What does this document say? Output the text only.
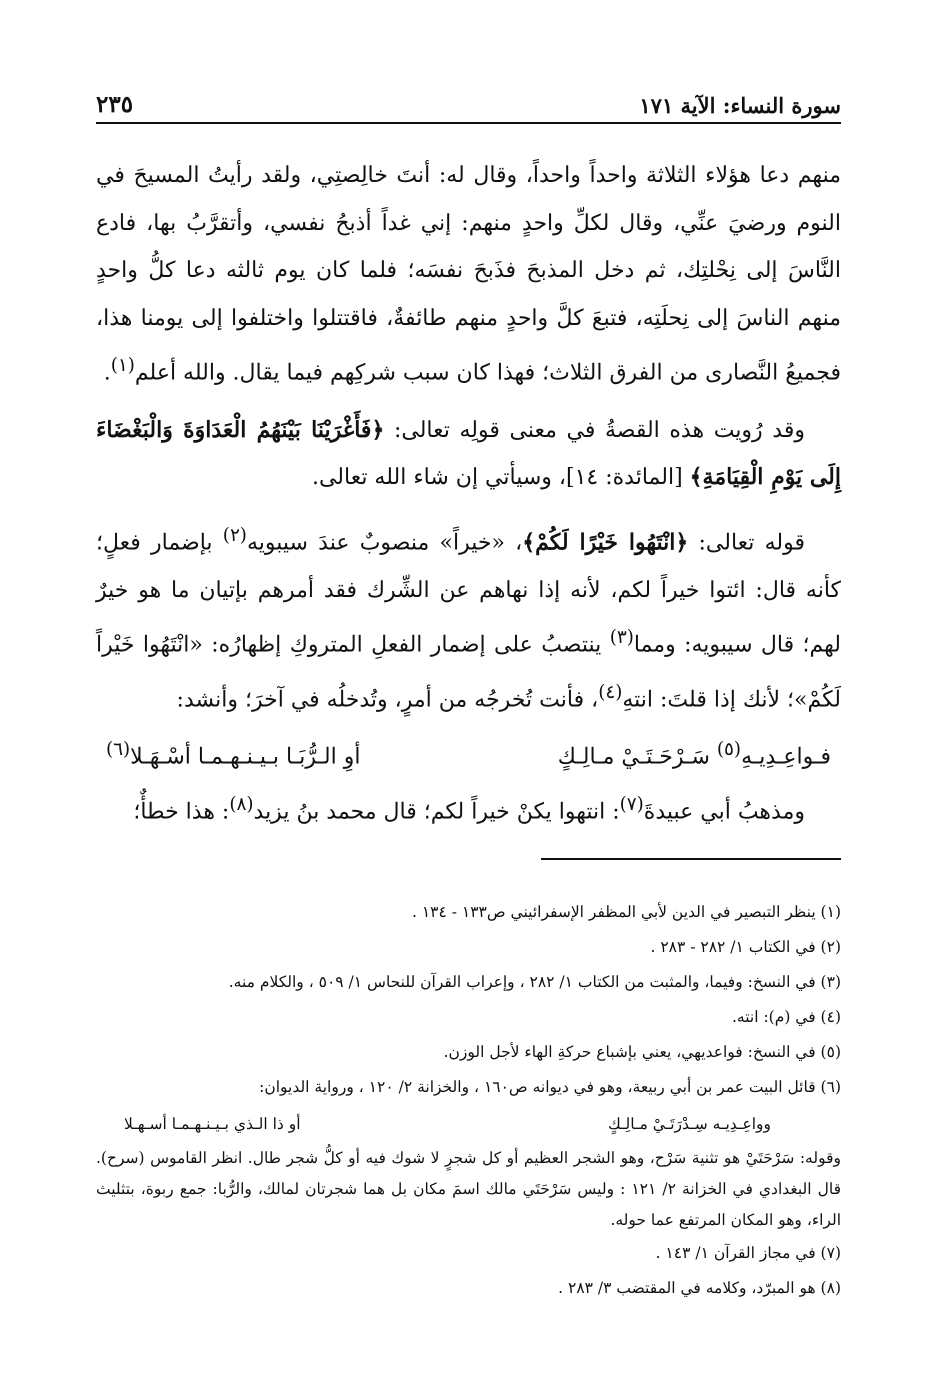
سورة النساء: الآية ١٧١
٢٣٥

منهم دعا هؤلاء الثلاثة واحداً واحداً، وقال له: أنتَ خالِصتِي، ولقد رأيتُ المسيحَ في النوم ورضيَ عنِّي، وقال لكلِّ واحدٍ منهم: إني غداً أذبحُ نفسي، وأتقرَّبُ بها، فادع النَّاسَ إلى نِحْلتِك، ثم دخل المذبحَ فذَبحَ نفسَه؛ فلما كان يوم ثالثه دعا كلُّ واحدٍ منهم الناسَ إلى نِحلَتِه، فتبعَ كلَّ واحدٍ منهم طائفةٌ، فاقتتلوا واختلفوا إلى يومنا هذا، فجميعُ النَّصارى من الفرق الثلاث؛ فهذا كان سبب شركِهم فيما يقال. والله أعلم$^{(١)}$.

وقد رُويت هذه القصةُ في معنى قولِه تعالى: ﴿فَأَغْرَيْنَا بَيْنَهُمُ الْعَدَاوَةَ وَالْبَغْضَاءَ إِلَى يَوْمِ الْقِيَامَةِ﴾ [المائدة: ١٤]، وسيأتي إن شاء الله تعالى.

قوله تعالى: ﴿انْتَهُوا خَيْرًا لَكُمْ﴾، «خيراً» منصوبٌ عندَ سيبويه$^{(٢)}$ بإضمار فعلٍ؛ كأنه قال: ائتوا خيراً لكم، لأنه إذا نهاهم عن الشِّرك فقد أمرهم بإتيان ما هو خيرٌ لهم؛ قال سيبويه: ومما$^{(٣)}$ ينتصبُ على إضمار الفعلِ المتروكِ إظهارُه: «انْتَهُوا خَيْراً لَكُمْ»؛ لأنك إذا قلتَ: انتهِ$^{(٤)}$، فأنت تُخرجُه من أمرٍ، وتُدخلُه في آخرَ؛ وأنشد:

فـواعِـدِيـهِ$^{(٥)}$ سَـرْحَـتَـيْ مـالِـكٍ
أوِ الـرُّبَـا بـيـنـهـمـا أسْـهَـلا$^{(٦)}$

ومذهبُ أبي عبيدةَ$^{(٧)}$: انتهوا يكنْ خيراً لكم؛ قال محمد بنُ يزيد$^{(٨)}$: هذا خطأٌ؛

(١) ينظر التبصير في الدين لأبي المظفر الإسفرائيني ص١٣٣ - ١٣٤ .

(٢) في الكتاب ١/ ٢٨٢ - ٢٨٣ .

(٣) في النسخ: وفيما، والمثبت من الكتاب ١/ ٢٨٢ ، وإعراب القرآن للنحاس ١/ ٥٠٩ ، والكلام منه.

(٤) في (م): انته.

(٥) في النسخ: فواعديهي، يعني بإشباع حركةِ الهاء لأجل الوزن.

(٦) قائل البيت عمر بن أبي ربيعة، وهو في ديوانه ص١٦٠ ، والخزانة ٢/ ١٢٠ ، ورواية الديوان:

وواعِـدِيـه سِـدْرَتَـيْ مـالِـكٍ
أو ذا الـذي بـيـنـهـمـا أسـهـلا

وقوله: سَرْحَتَيْ هو تثنية سَرْح، وهو الشجر العظيم أو كل شجرٍ لا شوك فيه أو كلُّ شجر طال. انظر القاموس (سرح). قال البغدادي في الخزانة ٢/ ١٢١ : وليس سَرْحَتَي مالك اسمَ مكان بل هما شجرتان لمالك، والرُّبا: جمع ربوة، بتثليث الراء، وهو المكان المرتفع عما حوله.

(٧) في مجاز القرآن ١/ ١٤٣ .

(٨) هو المبرّد، وكلامه في المقتضب ٣/ ٢٨٣ .
